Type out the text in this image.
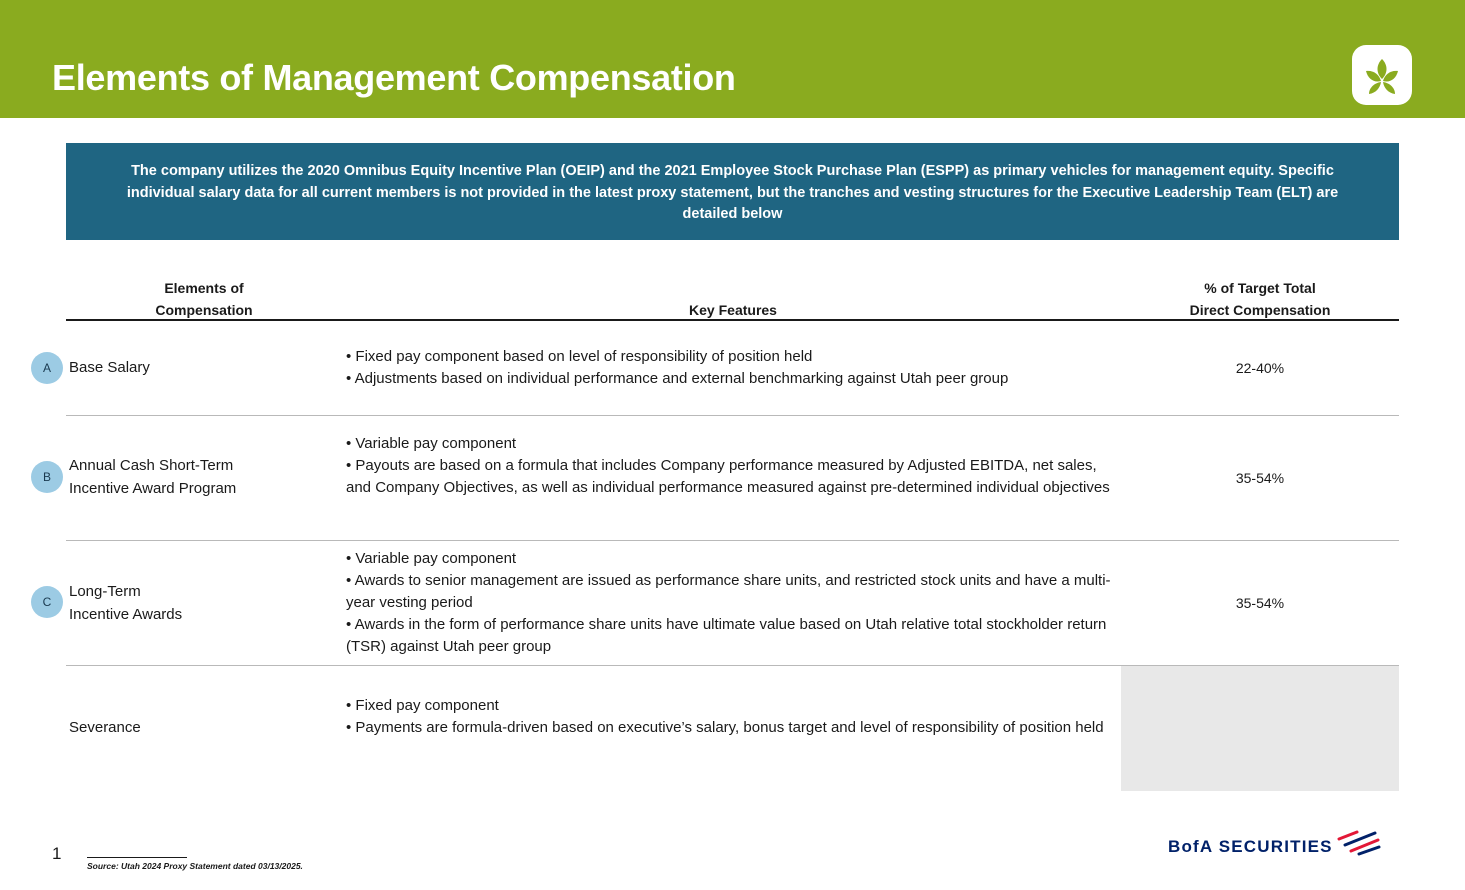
Elements of Management Compensation
The company utilizes the 2020 Omnibus Equity Incentive Plan (OEIP) and the 2021 Employee Stock Purchase Plan (ESPP) as primary vehicles for management equity. Specific individual salary data for all current members is not provided in the latest proxy statement, but the tranches and vesting structures for the Executive Leadership Team (ELT) are detailed below
Elements of
Compensation	Key Features
% of Target Total
Direct Compensation
A	Base Salary
• Fixed pay component based on level of responsibility of position held
• Adjustments based on individual performance and external benchmarking against Utah peer group
22-40%
B
Annual Cash Short-Term
Incentive Award Program
• Variable pay component
• Payouts are based on a formula that includes Company performance measured by Adjusted EBITDA, net sales, and Company Objectives, as well as individual performance measured against pre-determined individual objectives
35-54%
C
Long-Term
Incentive Awards
• Variable pay component
• Awards to senior management are issued as performance share units, and restricted stock units and have a multi-year vesting period
• Awards in the form of performance share units have ultimate value based on Utah relative total stockholder return (TSR) against Utah peer group
35-54%
Severance
• Fixed pay component
• Payments are formula-driven based on executive’s salary, bonus target and level of responsibility of position held
1
Source: Utah 2024 Proxy Statement dated 03/13/2025.
BofA SECURITIES
